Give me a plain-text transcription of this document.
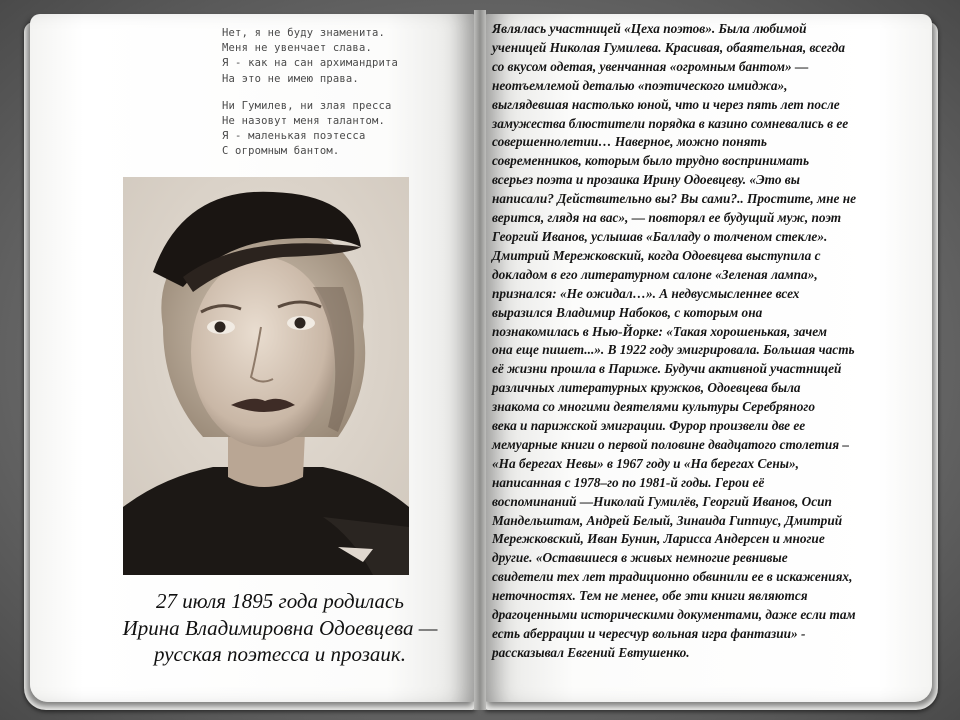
Нет, я не буду знаменита.
Меня не увенчает слава.
Я - как на сан архимандрита
На это не имею права.
Ни Гумилев, ни злая пресса
Не назовут меня талантом.
Я - маленькая поэтесса
С огромным бантом.
27 июля 1895 года родилась
Ирина Владимировна Одоевцева —
русская поэтесса и прозаик.
Являлась участницей «Цеха поэтов». Была любимой
ученицей Николая Гумилева. Красивая, обаятельная, всегда
со вкусом одетая, увенчанная «огромным бантом» —
неотъемлемой деталью «поэтического имиджа»,
выглядевшая настолько юной, что и через пять лет после
замужества блюстители порядка в казино сомневались в ее
совершеннолетии… Наверное, можно понять
современников, которым было трудно воспринимать
всерьез поэта и прозаика Ирину Одоевцеву. «Это вы
написали? Действительно вы? Вы сами?.. Простите, мне не
верится, глядя на вас», — повторял ее будущий муж, поэт
Георгий Иванов, услышав «Балладу о толченом стекле».
Дмитрий Мережковский, когда Одоевцева выступила с
докладом в его литературном салоне «Зеленая лампа»,
признался: «Не ожидал…». А недвусмысленнее всех
выразился Владимир Набоков, с которым она
познакомилась в Нью-Йорке: «Такая хорошенькая, зачем
она еще пишет...». В 1922 году эмигрировала. Большая часть
её жизни прошла в Париже. Будучи активной участницей
различных литературных кружков, Одоевцева была
знакома со многими деятелями культуры Серебряного
века и парижской эмиграции. Фурор произвели две ее
мемуарные книги о первой половине двадцатого столетия –
«На берегах Невы» в 1967 году и «На берегах Сены»,
написанная с 1978–го по 1981-й годы. Герои её
воспоминаний —Николай Гумилёв, Георгий Иванов, Осип
Мандельштам, Андрей Белый, Зинаида Гиппиус, Дмитрий
Мережковский, Иван Бунин, Ларисса Андерсен и многие
другие. «Оставшиеся в живых немногие ревнивые
свидетели тех лет традиционно обвинили ее в искажениях,
неточностях. Тем не менее, обе эти книги являются
драгоценными историческими документами, даже если там
есть аберрации и чересчур вольная игра фантазии» -
рассказывал Евгений Евтушенко.
